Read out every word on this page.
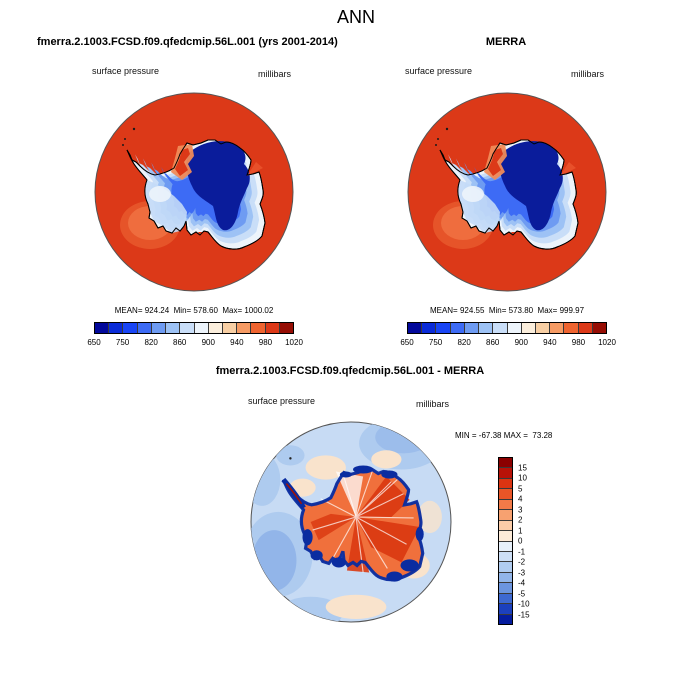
ANN
fmerra.2.1003.FCSD.f09.qfedcmip.56L.001 (yrs 2001-2014)	MERRA
surface pressure	millibars	surface pressure	millibars
MEAN= 924.24  Min= 578.60  Max= 1000.02	MEAN= 924.55  Min= 573.80  Max= 999.97
650 750 820 860 900 940 980 1020	650 750 820 860 900 940 980 1020
fmerra.2.1003.FCSD.f09.qfedcmip.56L.001 - MERRA
surface pressure	millibars
MIN = -67.38 MAX =  73.28
15
10
5
4
3
2
1
0
-1
-2
-3
-4
-5
-10
-15
